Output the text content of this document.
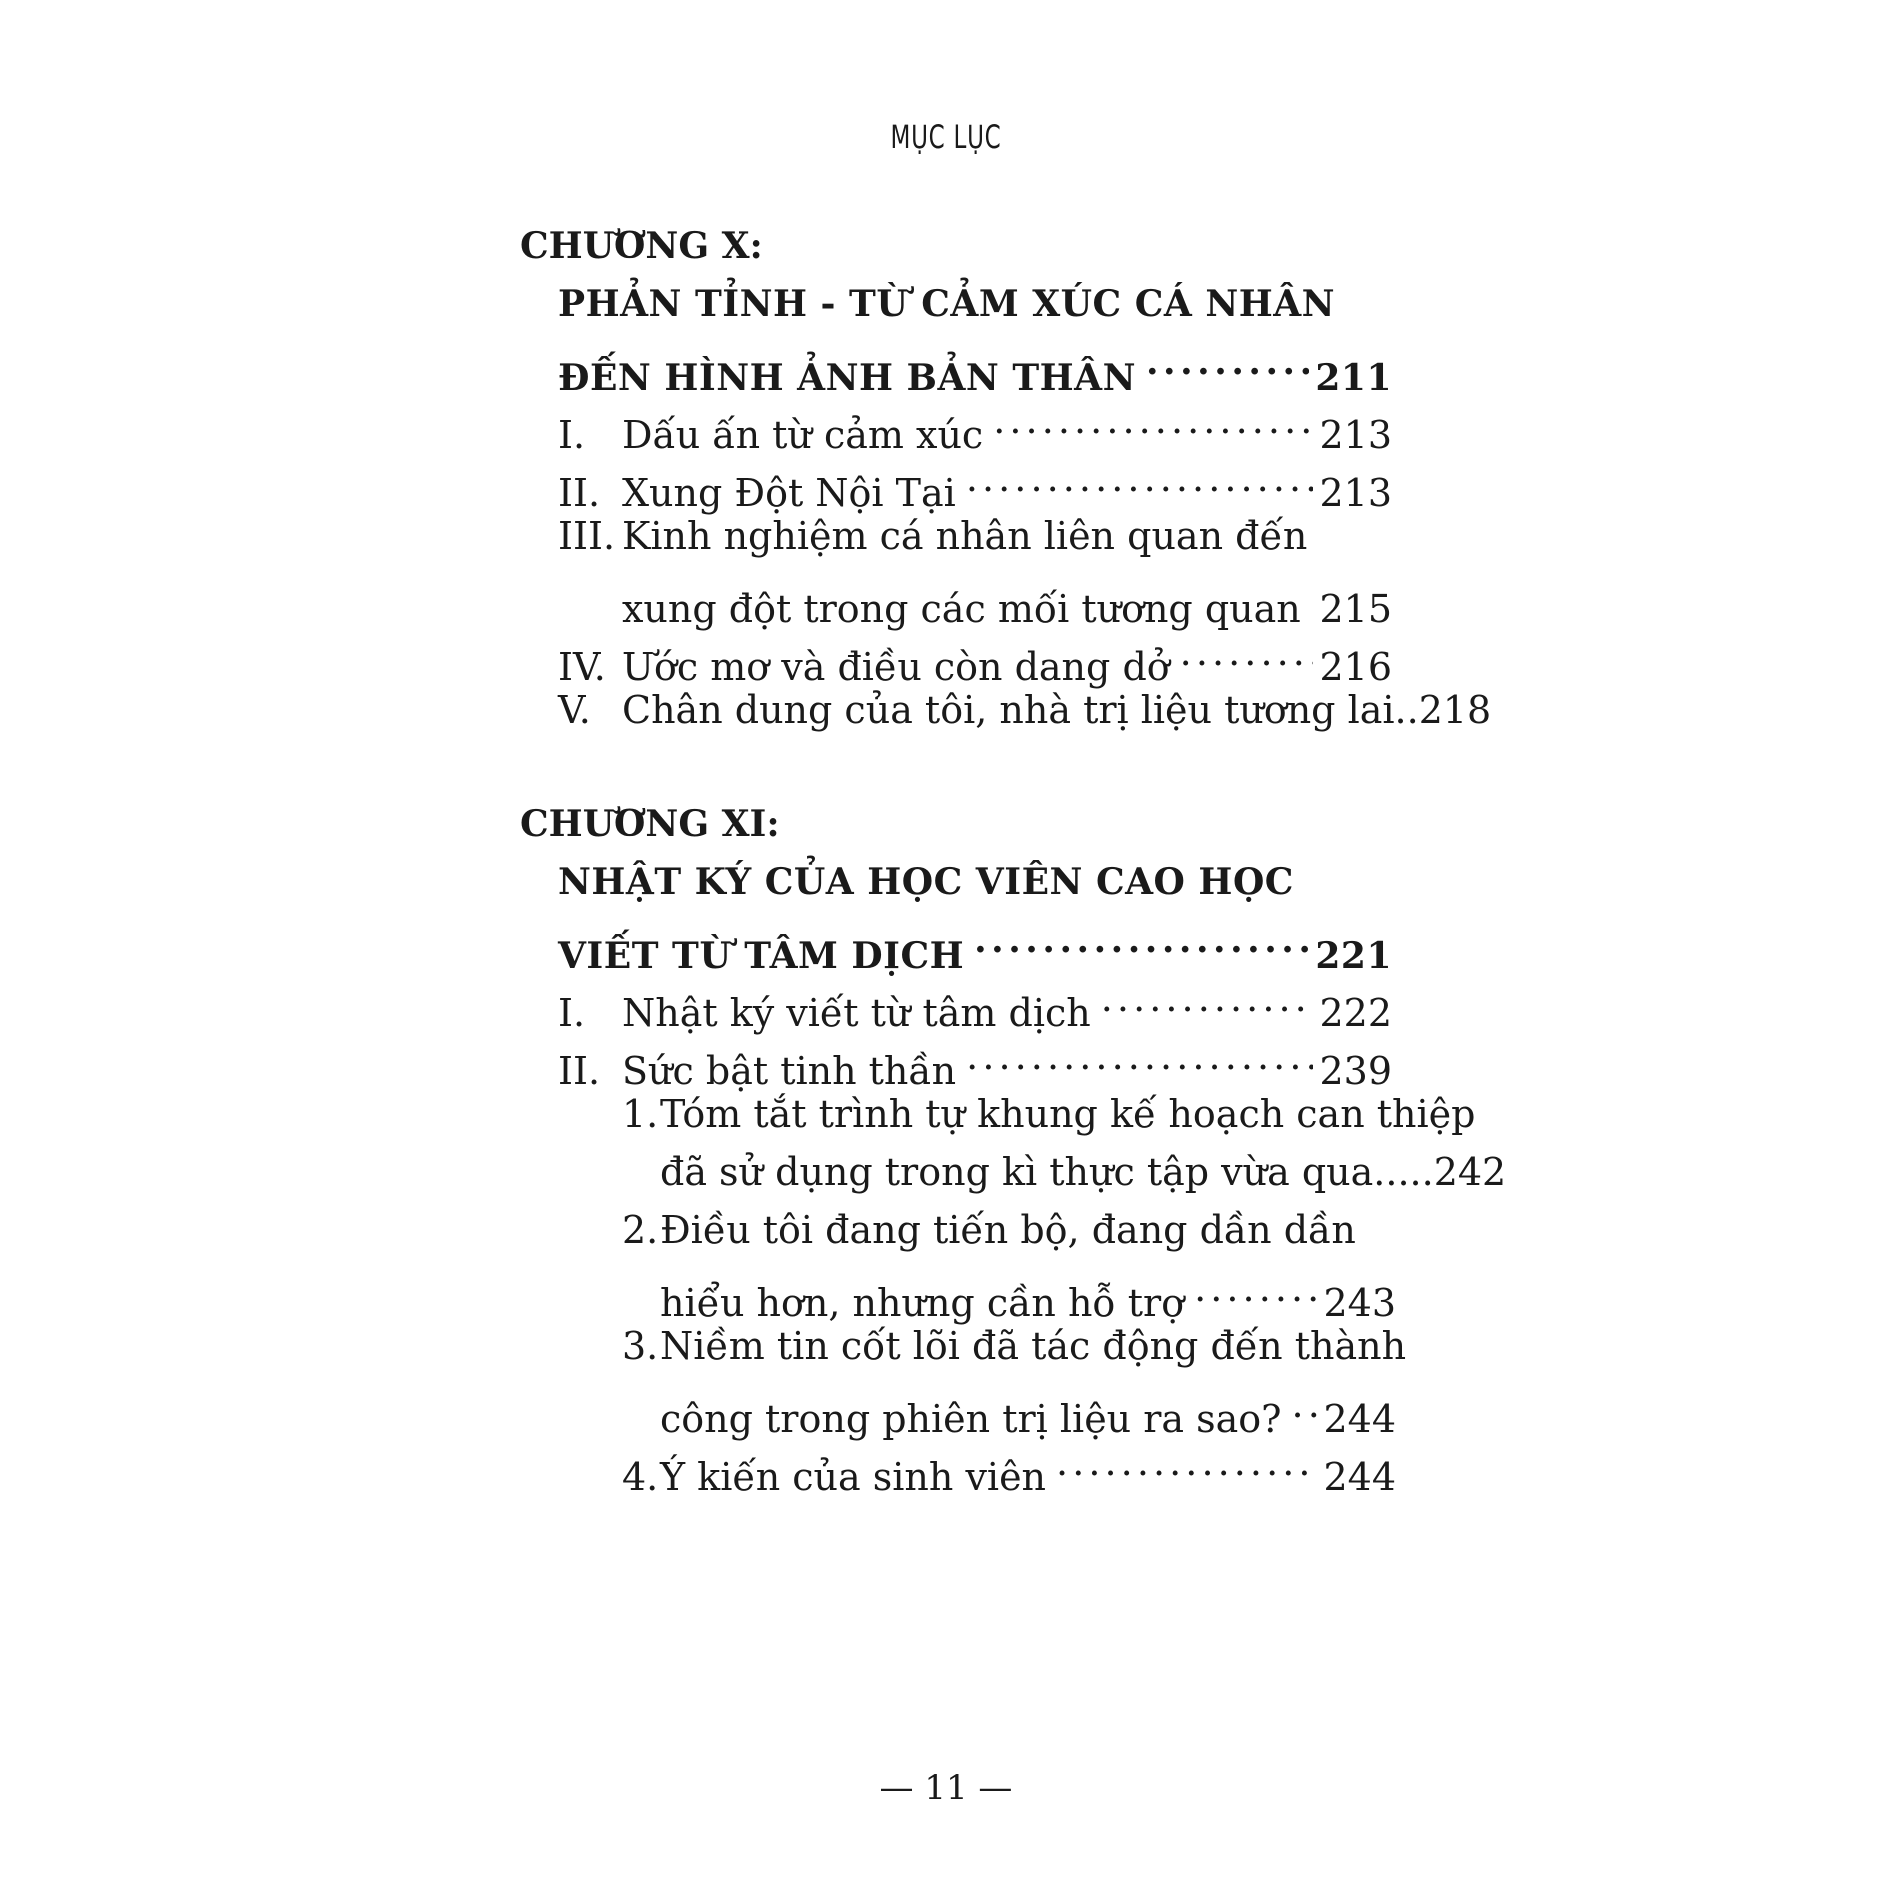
MỤC LỤC
CHƯƠNG X:
PHẢN TỈNH - TỪ CẢM XÚC CÁ NHÂN
ĐẾN HÌNH ẢNH BẢN THÂN . . .	211
I. Dấu ấn từ cảm xúc . . .	213
II. Xung Đột Nội Tại . . .	213
III. Kinh nghiệm cá nhân liên quan đến
xung đột trong các mối tương quan . . . 215
IV. Ước mơ và điều còn dang dở . . .	216
V. Chân dung của tôi, nhà trị liệu tương lai.. 218
CHƯƠNG XI:
NHẬT KÝ CỦA HỌC VIÊN CAO HỌC
VIẾT TỪ TÂM DỊCH . . .	221
I. Nhật ký viết từ tâm dịch . . .	222
II. Sức bật tinh thần . . .	239
1. Tóm tắt trình tự khung kế hoạch can thiệp
đã sử dụng trong kì thực tập vừa qua..... 242
2. Điều tôi đang tiến bộ, đang dần dần
hiểu hơn, nhưng cần hỗ trợ . . .	243
3. Niềm tin cốt lõi đã tác động đến thành
công trong phiên trị liệu ra sao? . . . 244
4. Ý kiến của sinh viên . . .	244
— 11 —
